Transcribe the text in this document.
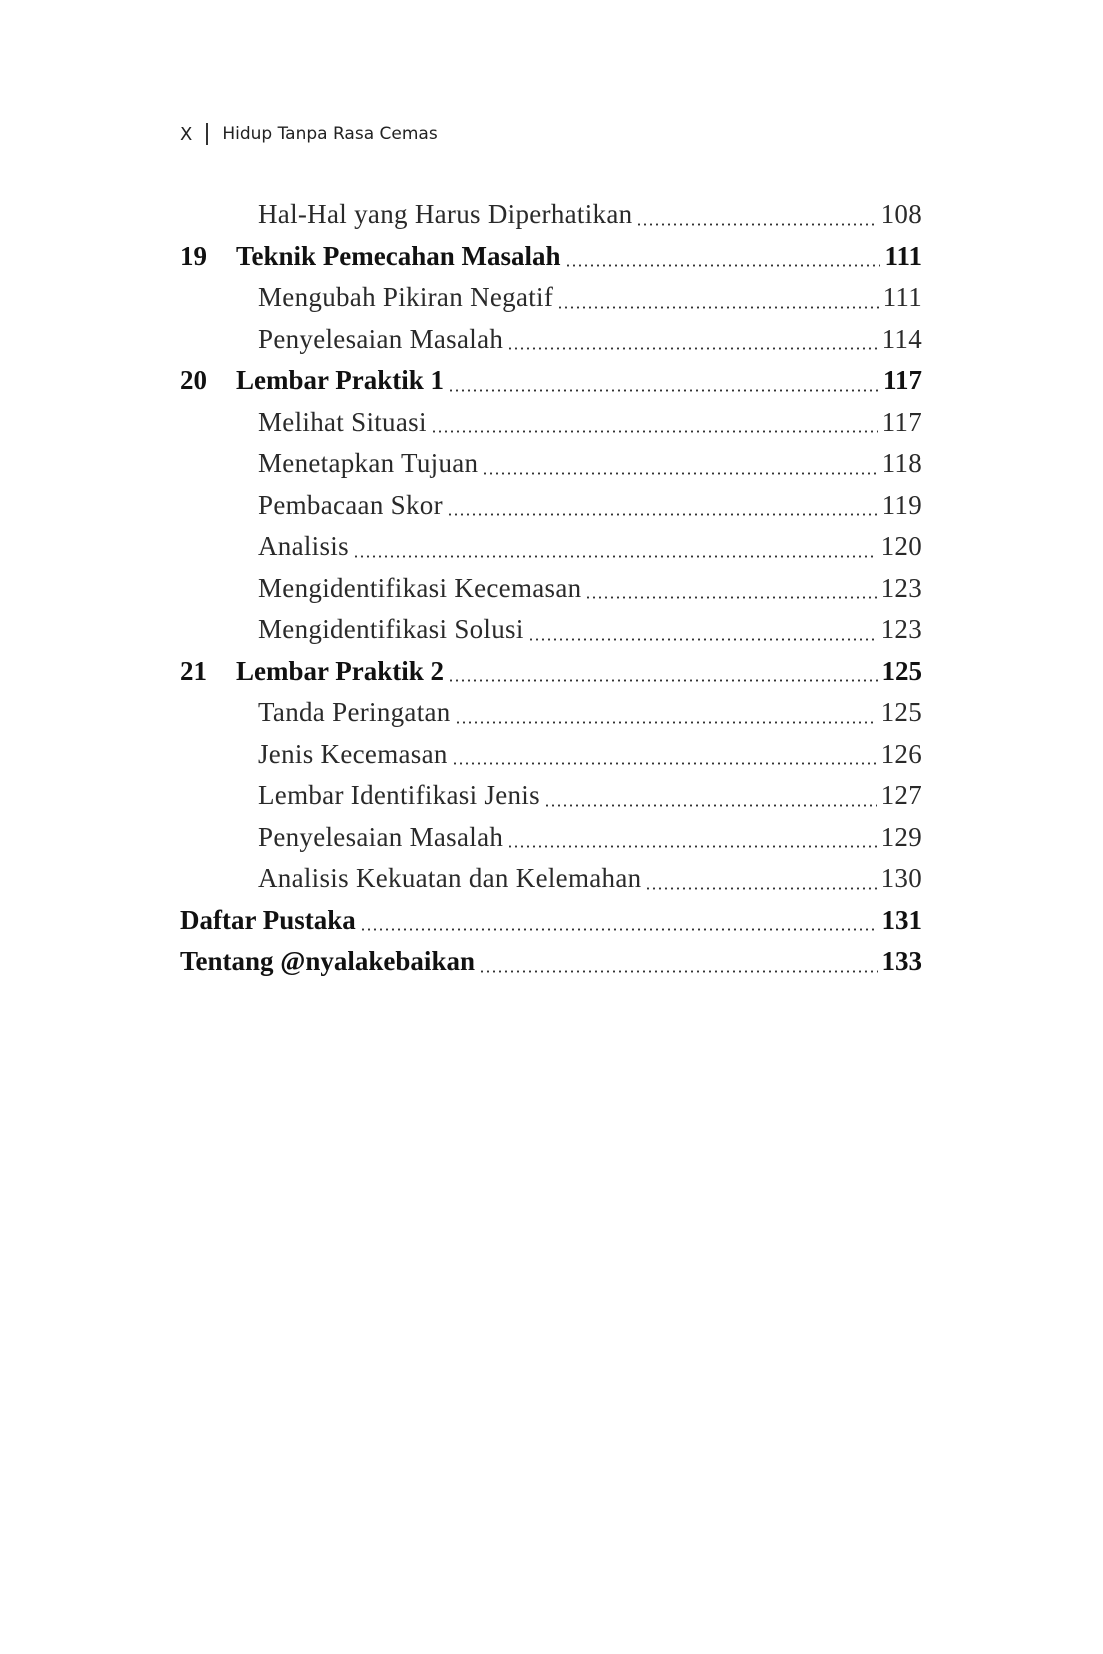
X Hidup Tanpa Rasa Cemas
Hal-Hal yang Harus Diperhatikan	108
19	Teknik Pemecahan Masalah	111
Mengubah Pikiran Negatif	111
Penyelesaian Masalah	114
20	Lembar Praktik 1	117
Melihat Situasi	117
Menetapkan Tujuan	118
Pembacaan Skor	119
Analisis	120
Mengidentifikasi Kecemasan	123
Mengidentifikasi Solusi	123
21	Lembar Praktik 2	125
Tanda Peringatan	125
Jenis Kecemasan	126
Lembar Identifikasi Jenis	127
Penyelesaian Masalah	129
Analisis Kekuatan dan Kelemahan	130
Daftar Pustaka	131
Tentang @nyalakebaikan	133
